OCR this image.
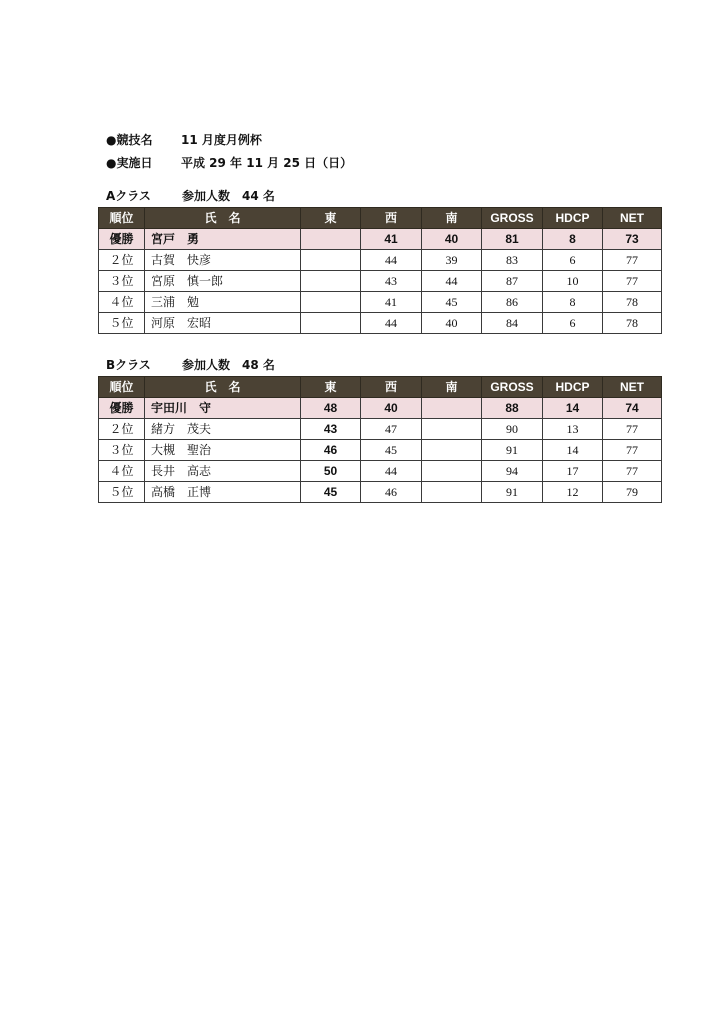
●競技名 11 月度月例杯
●実施日 平成 29 年 11 月 25 日（日）
Aクラス	参加人数　44 名
順位	氏　名	東	西	南	GROSS	HDCP	NET
優勝	宮戸　勇		41	40	81	8	73
２位	古賀　快彦		44	39	83	6	77
３位	宮原　慎一郎		43	44	87	10	77
４位	三浦　勉		41	45	86	8	78
５位	河原　宏昭		44	40	84	6	78
Bクラス	参加人数　48 名
順位	氏　名	東	西	南	GROSS	HDCP	NET
優勝	宇田川　守	48	40		88	14	74
２位	緒方　茂夫	43	47		90	13	77
３位	大槻　聖治	46	45		91	14	77
４位	長井　高志	50	44		94	17	77
５位	高橋　正博	45	46		91	12	79
